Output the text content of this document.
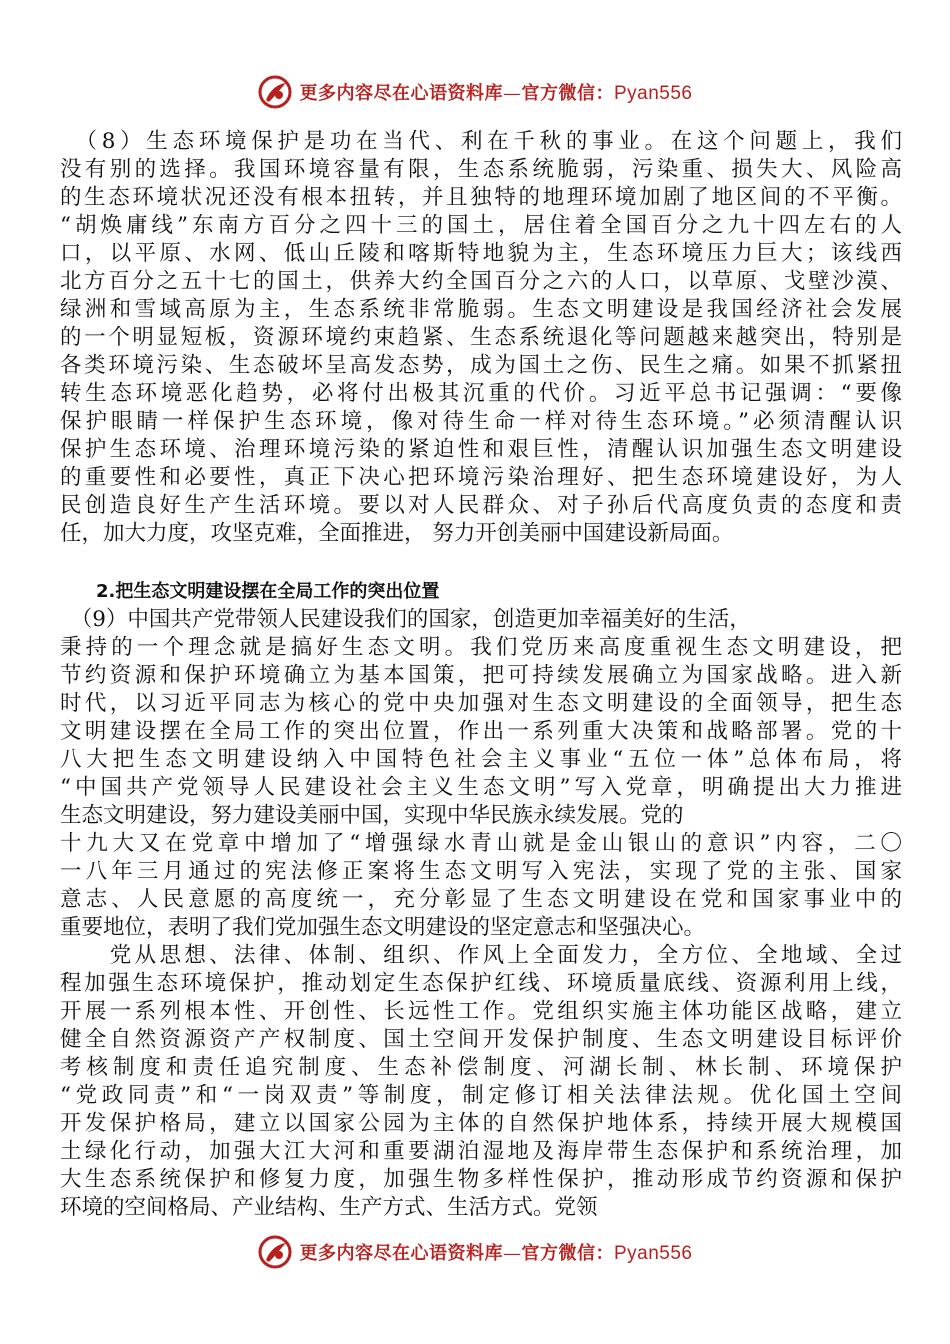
更多内容尽在心语资料库—官方微信：Pyan556
　（8）生态环境保护是功在当代、利在千秋的事业。在这个问题上，我们
没有别的选择。我国环境容量有限，生态系统脆弱，污染重、损失大、风险高
的生态环境状况还没有根本扭转，并且独特的地理环境加剧了地区间的不平衡。
“胡焕庸线”东南方百分之四十三的国土，居住着全国百分之九十四左右的人
口，以平原、水网、低山丘陵和喀斯特地貌为主，生态环境压力巨大；该线西
北方百分之五十七的国土，供养大约全国百分之六的人口，以草原、戈壁沙漠、
绿洲和雪域高原为主，生态系统非常脆弱。生态文明建设是我国经济社会发展
的一个明显短板，资源环境约束趋紧、生态系统退化等问题越来越突出，特别是
各类环境污染、生态破坏呈高发态势，成为国土之伤、民生之痛。如果不抓紧扭
转生态环境恶化趋势，必将付出极其沉重的代价。习近平总书记强调：“要像
保护眼睛一样保护生态环境，像对待生命一样对待生态环境。”必须清醒认识
保护生态环境、治理环境污染的紧迫性和艰巨性，清醒认识加强生态文明建设
的重要性和必要性，真正下决心把环境污染治理好、把生态环境建设好，为人
民创造良好生产生活环境。要以对人民群众、对子孙后代高度负责的态度和责
任，加大力度，攻坚克难，全面推进， 努力开创美丽中国建设新局面。
2.把生态文明建设摆在全局工作的突出位置
　（9）中国共产党带领人民建设我们的国家，创造更加幸福美好的生活，
秉持的一个理念就是搞好生态文明。我们党历来高度重视生态文明建设，把
节约资源和保护环境确立为基本国策，把可持续发展确立为国家战略。进入新
时代，以习近平同志为核心的党中央加强对生态文明建设的全面领导，把生态
文明建设摆在全局工作的突出位置，作出一系列重大决策和战略部署。党的十
八大把生态文明建设纳入中国特色社会主义事业“五位一体”总体布局，将
“中国共产党领导人民建设社会主义生态文明”写入党章，明确提出大力推进
生态文明建设，努力建设美丽中国，实现中华民族永续发展。党的
十九大又在党章中增加了“增强绿水青山就是金山银山的意识”内容，二〇
一八年三月通过的宪法修正案将生态文明写入宪法，实现了党的主张、国家
意志、人民意愿的高度统一，充分彰显了生态文明建设在党和国家事业中的
重要地位，表明了我们党加强生态文明建设的坚定意志和坚强决心。
　　党从思想、法律、体制、组织、作风上全面发力，全方位、全地域、全过
程加强生态环境保护，推动划定生态保护红线、环境质量底线、资源利用上线，
开展一系列根本性、开创性、长远性工作。党组织实施主体功能区战略，建立
健全自然资源资产产权制度、国土空间开发保护制度、生态文明建设目标评价
考核制度和责任追究制度、生态补偿制度、河湖长制、林长制、环境保护
“党政同责”和“一岗双责”等制度，制定修订相关法律法规。优化国土空间
开发保护格局，建立以国家公园为主体的自然保护地体系，持续开展大规模国
土绿化行动，加强大江大河和重要湖泊湿地及海岸带生态保护和系统治理，加
大生态系统保护和修复力度，加强生物多样性保护，推动形成节约资源和保护
环境的空间格局、产业结构、生产方式、生活方式。党领
更多内容尽在心语资料库—官方微信：Pyan556
